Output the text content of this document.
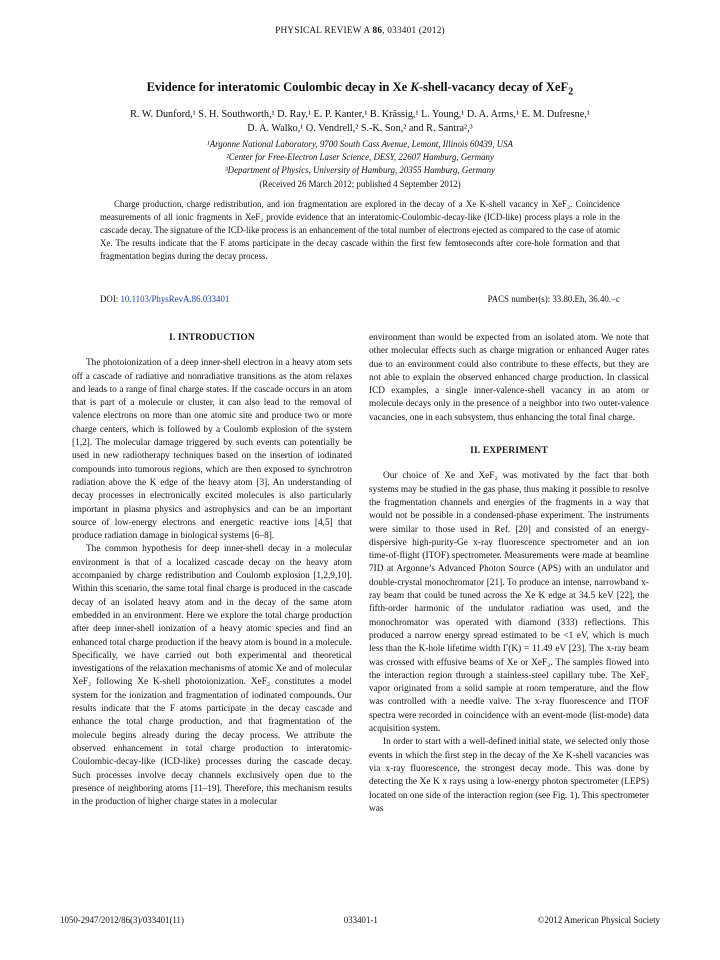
PHYSICAL REVIEW A 86, 033401 (2012)
Evidence for interatomic Coulombic decay in Xe K-shell-vacancy decay of XeF$_2$
R. W. Dunford,¹ S. H. Southworth,¹ D. Ray,¹ E. P. Kanter,¹ B. Krässig,¹ L. Young,¹ D. A. Arms,¹ E. M. Dufresne,¹
D. A. Walko,¹ O. Vendrell,² S.-K. Son,² and R. Santra²,³
¹Argonne National Laboratory, 9700 South Cass Avenue, Lemont, Illinois 60439, USA
²Center for Free-Electron Laser Science, DESY, 22607 Hamburg, Germany
³Department of Physics, University of Hamburg, 20355 Hamburg, Germany
(Received 26 March 2012; published 4 September 2012)

Charge production, charge redistribution, and ion fragmentation are explored in the decay of a Xe K-shell vacancy in XeF₂. Coincidence measurements of all ionic fragments in XeF₂ provide evidence that an interatomic-Coulombic-decay-like (ICD-like) process plays a role in the cascade decay. The signature of the ICD-like process is an enhancement of the total number of electrons ejected as compared to the case of atomic Xe. The results indicate that the F atoms participate in the decay cascade within the first few femtoseconds after core-hole formation and that fragmentation begins during the decay process.

DOI: 10.1103/PhysRevA.86.033401	PACS number(s): 33.80.Eh, 36.40.−c
I. INTRODUCTION

The photoionization of a deep inner-shell electron in a heavy atom sets off a cascade of radiative and nonradiative transitions as the atom relaxes and leads to a range of final charge states. If the cascade occurs in an atom that is part of a molecule or cluster, it can also lead to the removal of valence electrons on more than one atomic site and produce two or more charge centers, which is followed by a Coulomb explosion of the system [1,2]. The molecular damage triggered by such events can potentially be used in new radiotherapy techniques based on the insertion of iodinated compounds into tumorous regions, which are then exposed to synchrotron radiation above the K edge of the heavy atom [3]. An understanding of decay processes in electronically excited molecules is also particularly important in plasma physics and astrophysics and can be an important source of low-energy electrons and energetic reactive ions [4,5] that produce radiation damage in biological systems [6–8].

The common hypothesis for deep inner-shell decay in a molecular environment is that of a localized cascade decay on the heavy atom accompanied by charge redistribution and Coulomb explosion [1,2,9,10]. Within this scenario, the same total final charge is produced in the cascade decay of an isolated heavy atom and in the decay of the same atom embedded in an environment. Here we explore the total charge production after deep inner-shell ionization of a heavy atomic species and find an enhanced total charge production if the heavy atom is bound in a molecule. Specifically, we have carried out both experimental and theoretical investigations of the relaxation mechanisms of atomic Xe and of molecular XeF₂ following Xe K-shell photoionization. XeF₂ constitutes a model system for the ionization and fragmentation of iodinated compounds. Our results indicate that the F atoms participate in the decay cascade and enhance the total charge production, and that fragmentation of the molecule begins already during the decay process. We attribute the observed enhancement in total charge production to interatomic-Coulombic-decay-like (ICD-like) processes during the cascade decay. Such processes involve decay channels exclusively open due to the presence of neighboring atoms [11–19]. Therefore, this mechanism results in the production of higher charge states in a molecular

environment than would be expected from an isolated atom. We note that other molecular effects such as charge migration or enhanced Auger rates due to an environment could also contribute to these effects, but they are not able to explain the observed enhanced charge production. In classical ICD examples, a single inner-valence-shell vacancy in an atom or molecule decays only in the presence of a neighbor into two outer-valence vacancies, one in each subsystem, thus enhancing the total final charge.

II. EXPERIMENT

Our choice of Xe and XeF₂ was motivated by the fact that both systems may be studied in the gas phase, thus making it possible to resolve the fragmentation channels and energies of the fragments in a way that would not be possible in a condensed-phase experiment. The instruments were similar to those used in Ref. [20] and consisted of an energy-dispersive high-purity-Ge x-ray fluorescence spectrometer and an ion time-of-flight (ITOF) spectrometer. Measurements were made at beamline 7ID at Argonne’s Advanced Photon Source (APS) with an undulator and double-crystal monochromator [21]. To produce an intense, narrowband x-ray beam that could be tuned across the Xe K edge at 34.5 keV [22], the fifth-order harmonic of the undulator radiation was used, and the monochromator was operated with diamond (333) reflections. This produced a narrow energy spread estimated to be <1 eV, which is much less than the K-hole lifetime width Γ(K) = 11.49 eV [23]. The x-ray beam was crossed with effusive beams of Xe or XeF₂. The samples flowed into the interaction region through a stainless-steel capillary tube. The XeF₂ vapor originated from a solid sample at room temperature, and the flow was controlled with a needle valve. The x-ray fluorescence and ITOF spectra were recorded in coincidence with an event-mode (list-mode) data acquisition system.

In order to start with a well-defined initial state, we selected only those events in which the first step in the decay of the Xe K-shell vacancies was via x-ray fluorescence, the strongest decay mode. This was done by detecting the Xe K x rays using a low-energy photon spectrometer (LEPS) located on one side of the interaction region (see Fig. 1). This spectrometer was

1050-2947/2012/86(3)/033401(11)	033401-1	©2012 American Physical Society
